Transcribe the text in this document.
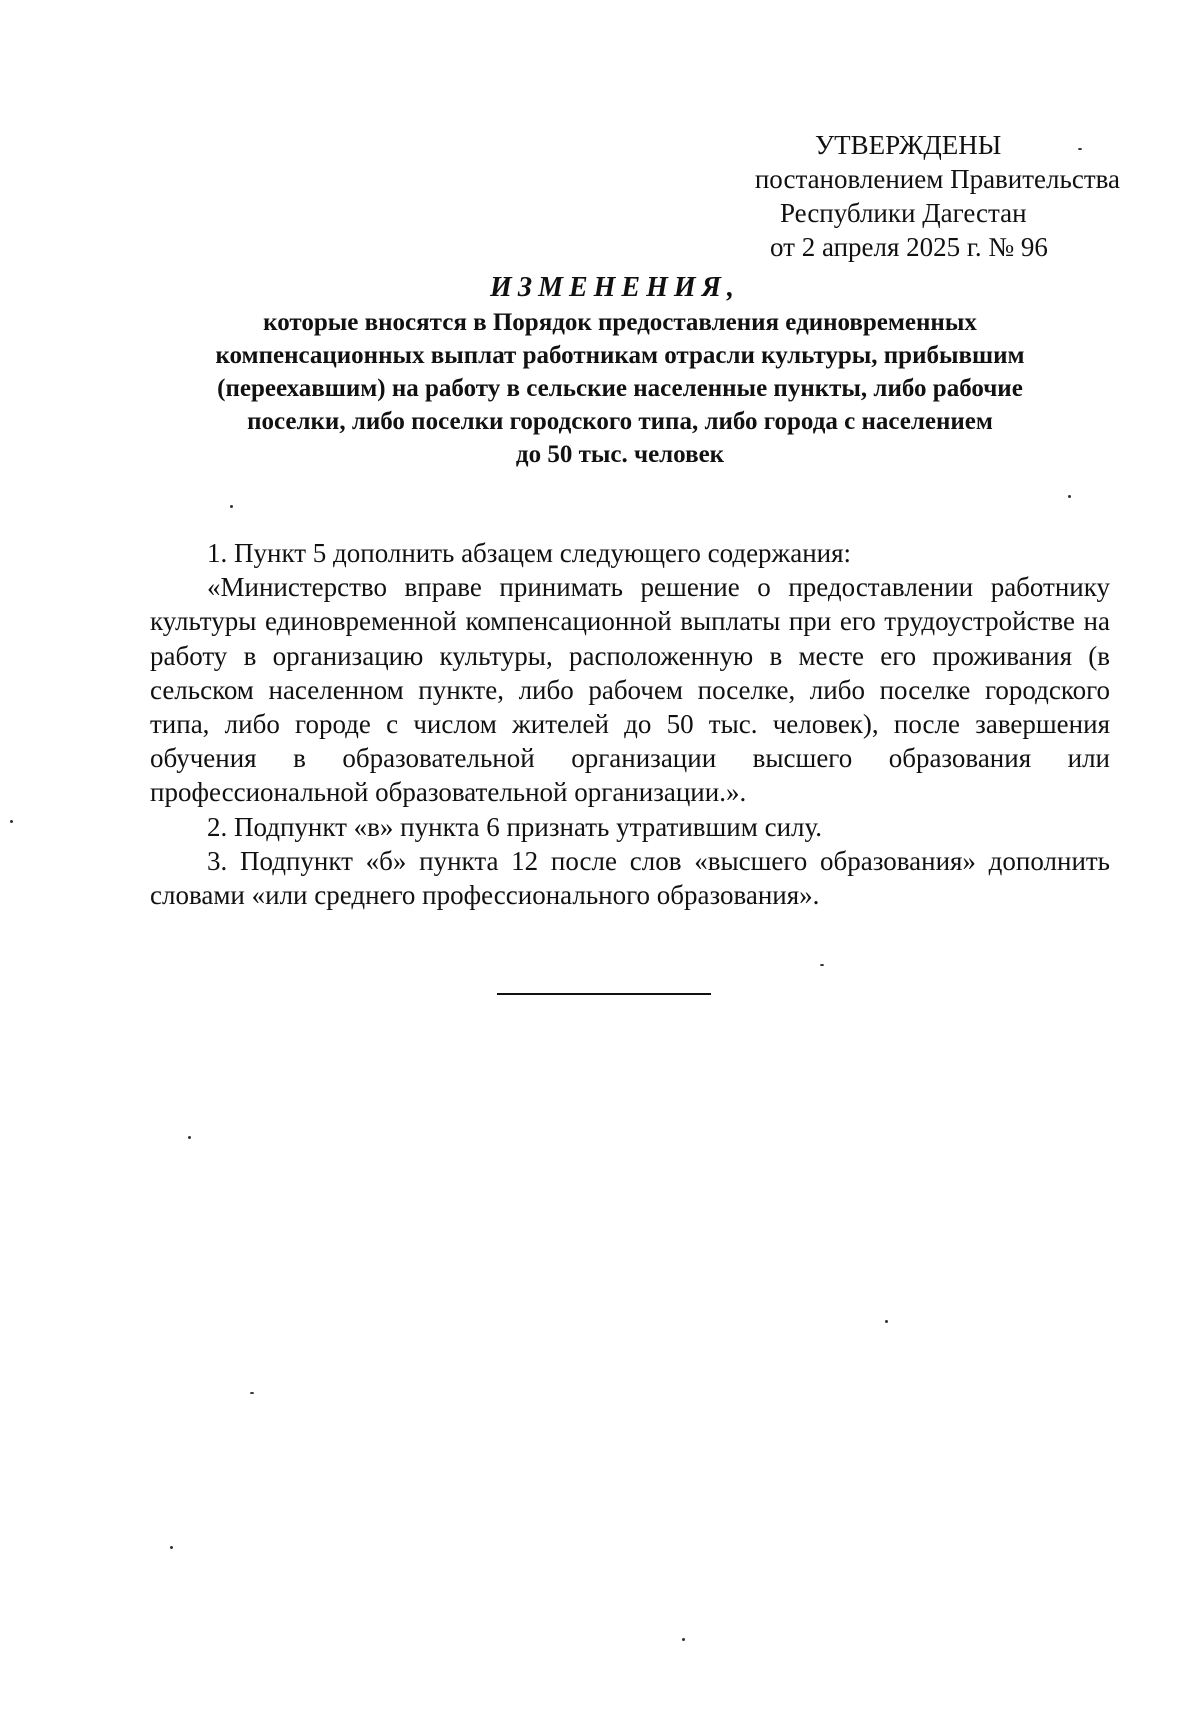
УТВЕРЖДЕНЫ
постановлением Правительства
Республики Дагестан
от 2 апреля 2025 г. № 96
ИЗМЕНЕНИЯ,
которые вносятся в Порядок предоставления единовременных
компенсационных выплат работникам отрасли культуры, прибывшим
(переехавшим) на работу в сельские населенные пункты, либо рабочие
поселки, либо поселки городского типа, либо города с населением
до 50 тыс. человек

1. Пункт 5 дополнить абзацем следующего содержания:

«Министерство вправе принимать решение о предоставлении работнику культуры единовременной компенсационной выплаты при его трудоустройстве на работу в организацию культуры, расположенную в месте его проживания (в сельском населенном пункте, либо рабочем поселке, либо поселке городского типа, либо городе с числом жителей до 50 тыс. человек), после завершения обучения в образовательной организации высшего образования или профессиональной образовательной организации.».

2. Подпункт «в» пункта 6 признать утратившим силу.

3. Подпункт «б» пункта 12 после слов «высшего образования» дополнить словами «или среднего профессионального образования».
